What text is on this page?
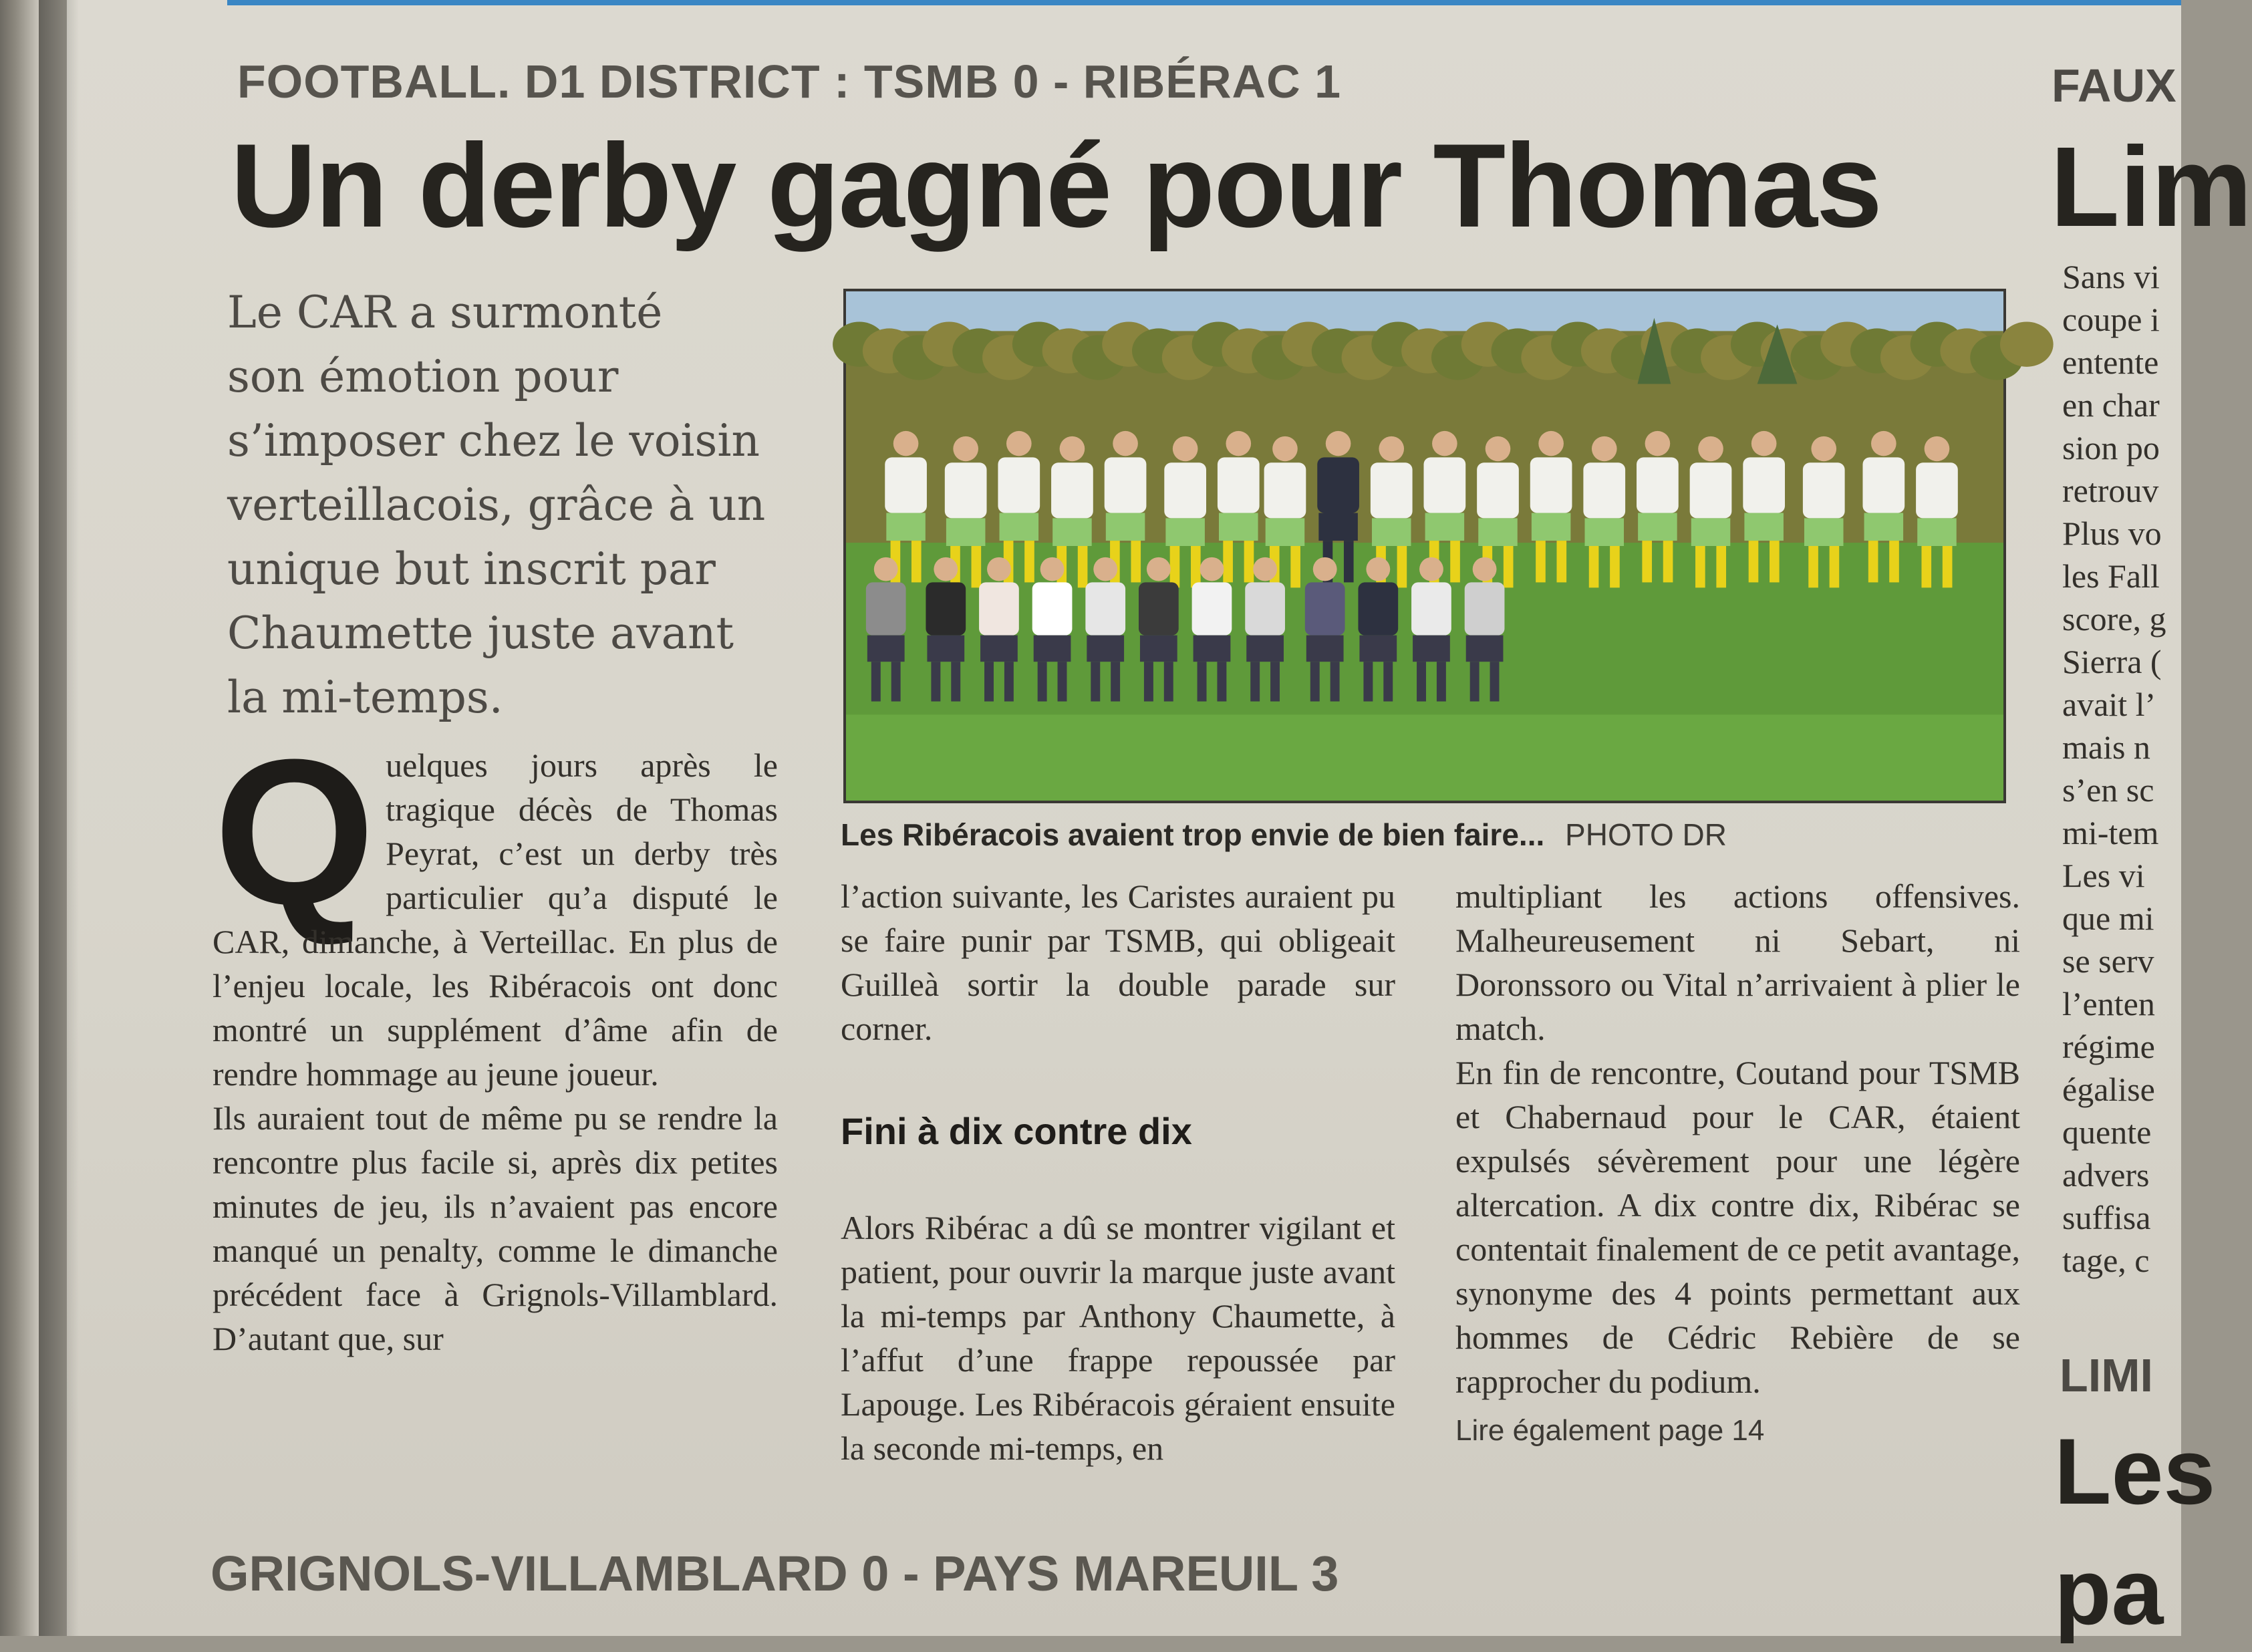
FOOTBALL. D1 DISTRICT : TSMB 0 - RIBÉRAC 1
Un derby gagné pour Thomas
Le CAR a surmonté
son émotion pour
s’imposer chez le voisin
verteillacois, grâce à un
unique but inscrit par
Chaumette juste avant
la mi-temps.
Les Ribéracois avaient trop envie de bien faire... PHOTO DR
Q uelques jours après le tragique décès de Thomas Peyrat, c’est un derby très particulier qu’a disputé le CAR, dimanche, à Verteillac. En plus de l’enjeu locale, les Ribéracois ont donc montré un supplément d’âme afin de rendre hommage au jeune joueur.

Ils auraient tout de même pu se rendre la rencontre plus facile si, après dix petites minutes de jeu, ils n’avaient pas encore manqué un penalty, comme le dimanche précédent face à Grignols-Villamblard. D’autant que, sur

l’action suivante, les Caristes auraient pu se faire punir par TSMB, qui obligeait Guilleà sortir la double parade sur corner.

Fini à dix contre dix

Alors Ribérac a dû se montrer vigilant et patient, pour ouvrir la marque juste avant la mi-temps par Anthony Chaumette, à l’affut d’une frappe repoussée par Lapouge. Les Ribéracois géraient ensuite la seconde mi-temps, en

multipliant les actions offensives. Malheureusement ni Sebart, ni Doronssoro ou Vital n’arrivaient à plier le match.

En fin de rencontre, Coutand pour TSMB et Chabernaud pour le CAR, étaient expulsés sévèrement pour une légère altercation. A dix contre dix, Ribérac se contentait finalement de ce petit avantage, synonyme des 4 points permettant aux hommes de Cédric Rebière de se rapprocher du podium.

Lire également page 14
GRIGNOLS-VILLAMBLARD 0 - PAYS MAREUIL 3
FAUX
Lim
Sans vi
coupe i
entente
en char
sion po
retrouv
Plus vo
les Fall
score, g
Sierra (
avait l’
mais n
s’en sc
mi-tem
Les vi
que mi
se serv
l’enten
régime
égalise
quente
advers
suffisa
tage, c
LIMI
Les
pa
